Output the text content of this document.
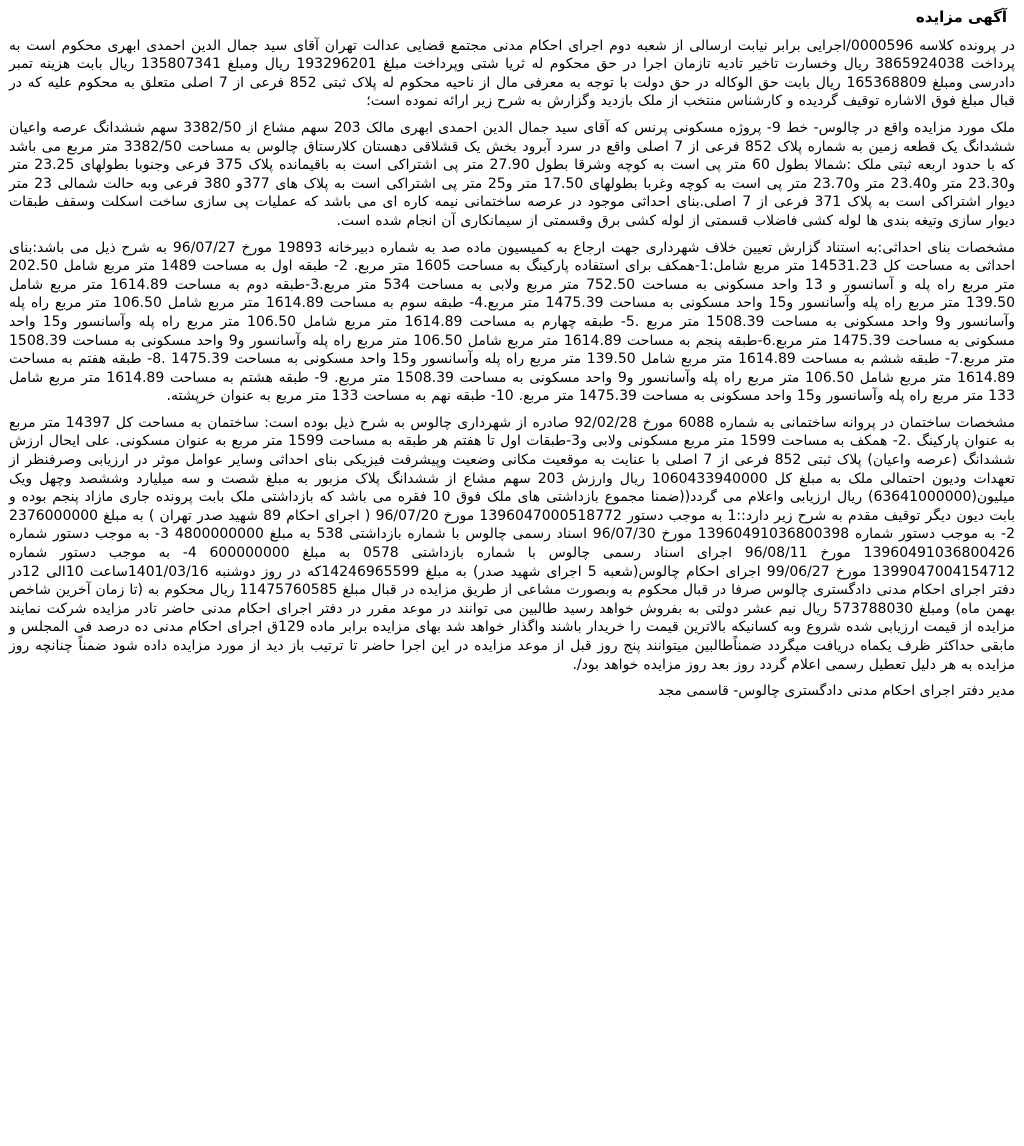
آگهی مزایده
در پرونده کلاسه 0000596/اجرایی برابر نیابت ارسالی از شعبه دوم اجرای احکام مدنی مجتمع قضایی عدالت تهران آقای سید جمال الدین احمدی ابهری محکوم است به پرداخت 3865924038 ریال وخسارت تاخیر تادیه تازمان اجرا در حق محکوم له ثریا شتی وپرداخت مبلغ 193296201 ریال ومبلغ 135807341 ریال بابت هزینه تمبر دادرسی ومبلغ 165368809 ریال بابت حق الوکاله در حق دولت با توجه به معرفی مال از ناحیه محکوم له پلاک ثبتی 852 فرعی از 7 اصلی متعلق به محکوم علیه که در قبال مبلغ فوق الاشاره توقیف گردیده و کارشناس منتخب از ملک بازدید وگزارش به شرح زیر ارائه نموده است؛
ملک مورد مزایده واقع در چالوس- خط 9- پروژه مسکونی پرنس که آقای سید جمال الدین احمدی ابهری مالک 203 سهم مشاع از 3382/50 سهم ششدانگ عرصه واعیان ششدانگ یک قطعه زمین به شماره پلاک 852 فرعی از 7 اصلی واقع در سرد آبرود بخش یک قشلاقی دهستان کلارستاق چالوس به مساحت 3382/50 متر مربع می باشد که با حدود اربعه ثبتی ملک :شمالا بطول 60 متر پی است به کوچه وشرقا بطول 27.90 متر پی اشتراکی است به باقیمانده پلاک 375 فرعی وجنوبا بطولهای 23.25 متر و23.30 متر و23.40 متر و23.70 متر پی است به کوچه وغربا بطولهای 17.50 متر و25 متر پی اشتراکی است به پلاک های 377و 380 فرعی وبه حالت شمالی 23 متر دیوار اشتراکی است به پلاک 371 فرعی از 7 اصلی.بنای احداثی موجود در عرصه ساختمانی نیمه کاره ای می باشد که عملیات پی سازی ساخت اسکلت وسقف طبقات دیوار سازی وتیغه بندی ها لوله کشی فاضلاب قسمتی از لوله کشی برق وقسمتی از سیمانکاری آن انجام شده است.
مشخصات بنای احداثی:به استناد گزارش تعیین خلاف شهرداری جهت ارجاع به کمیسیون ماده صد به شماره دبیرخانه 19893 مورخ 96/07/27 به شرح ذیل می باشد:بنای احداثی به مساحت کل 14531.23 متر مربع شامل:1-همکف برای استفاده پارکینگ به مساحت 1605 متر مربع. 2- طبقه اول به مساحت 1489 متر مربع شامل 202.50 متر مربع راه پله و آسانسور و 13 واحد مسکونی به مساحت 752.50 متر مربع ولابی به مساحت 534 متر مربع.3-طبقه دوم به مساحت 1614.89 متر مربع شامل 139.50 متر مربع راه پله وآسانسور و15 واحد مسکونی به مساحت 1475.39 متر مربع.4- طبقه سوم به مساحت 1614.89 متر مربع شامل 106.50 متر مربع راه پله وآسانسور و9 واحد مسکونی به مساحت 1508.39 متر مربع .5- طبقه چهارم به مساحت 1614.89 متر مربع شامل 106.50 متر مربع راه پله وآسانسور و15 واحد مسکونی به مساحت 1475.39 متر مربع.6-طبقه پنجم به مساحت 1614.89 متر مربع شامل 106.50 متر مربع راه پله وآسانسور و9 واحد مسکونی به مساحت 1508.39 متر مربع.7- طبقه ششم به مساحت 1614.89 متر مربع شامل 139.50 متر مربع راه پله وآسانسور و15 واحد مسکونی به مساحت 1475.39 .8- طبقه هفتم به مساحت 1614.89 متر مربع شامل 106.50 متر مربع راه پله وآسانسور و9 واحد مسکونی به مساحت 1508.39 متر مربع. 9- طبقه هشتم به مساحت 1614.89 متر مربع شامل 133 متر مربع راه پله وآسانسور و15 واحد مسکونی به مساحت 1475.39 متر مربع. 10- طبقه نهم به مساحت 133 متر مربع به عنوان خرپشته.
مشخصات ساختمان در پروانه ساختمانی به شماره 6088 مورخ 92/02/28 صادره از شهرداری چالوس به شرح ذیل بوده است: ساختمان به مساحت کل 14397 متر مربع به عنوان پارکینگ .2- همکف به مساحت 1599 متر مربع مسکونی ولابی و3-طبقات اول تا هفتم هر طبقه به مساحت 1599 متر مربع به عنوان مسکونی. علی ایحال ارزش ششدانگ (عرصه واعیان) پلاک ثبتی 852 فرعی از 7 اصلی با عنایت به موقعیت مکانی وضعیت وپیشرفت فیزیکی بنای احداثی وسایر عوامل موثر در ارزیابی وصرفنظر از تعهدات ودیون احتمالی ملک به مبلغ کل 1060433940000 ریال وارزش 203 سهم مشاع از ششدانگ پلاک مزبور به مبلغ شصت و سه میلیارد وششصد وچهل ویک میلیون(63641000000) ریال ارزیابی واعلام می گردد((ضمنا مجموع بازداشتی های ملک فوق 10 فقره می باشد که بازداشتی ملک بابت پرونده جاری مازاد پنجم بوده و بابت دیون دیگر توقیف مقدم به شرح زیر دارد::1 به موجب دستور 1396047000518772 مورخ 96/07/20 ( اجرای احکام 89 شهید صدر تهران ) به مبلغ 2376000000 2- به موجب دستور شماره 13960491036800398 مورخ 96/07/30 اسناد رسمی چالوس با شماره بازداشتی 538 به مبلغ 4800000000 3- به موجب دستور شماره 13960491036800426 مورخ 96/08/11 اجرای اسناد رسمی چالوس با شماره بازداشتی 0578 به مبلغ 600000000 4- به موجب دستور شماره 1399047004154712 مورخ 99/06/27 اجرای احکام چالوس(شعبه 5 اجرای شهید صدر) به مبلغ 14246965599که در روز دوشنبه 1401/03/16ساعت 10الی 12در دفتر اجرای احکام مدنی دادگستری چالوس صرفا در قبال محکوم به وبصورت مشاعی از طریق مزایده در قبال مبلغ 11475760585 ریال محکوم به (تا زمان آخرین شاخص بهمن ماه) ومبلغ 573788030 ریال نیم عشر دولتی به بفروش خواهد رسید طالبین می توانند در موعد مقرر در دفتر اجرای احکام مدنی حاضر تادر مزایده شرکت نمایند مزایده از قیمت ارزیابی شده شروع وبه کسانیکه بالاترین قیمت را خریدار باشند واگذار خواهد شد بهای مزایده برابر ماده 129ق اجرای احکام مدنی ده درصد فی المجلس و مابقی حداکثر ظرف یکماه دریافت میگردد ضمناًطالبین میتوانند پنج روز قبل از موعد مزایده در این اجرا حاضر تا ترتیب باز دید از مورد مزایده داده شود ضمناً چنانچه روز مزایده به هر دلیل تعطیل رسمی اعلام گردد روز بعد روز مزایده خواهد بود/.
مدیر دفتر اجرای احکام مدنی دادگستری چالوس- قاسمی مجد
